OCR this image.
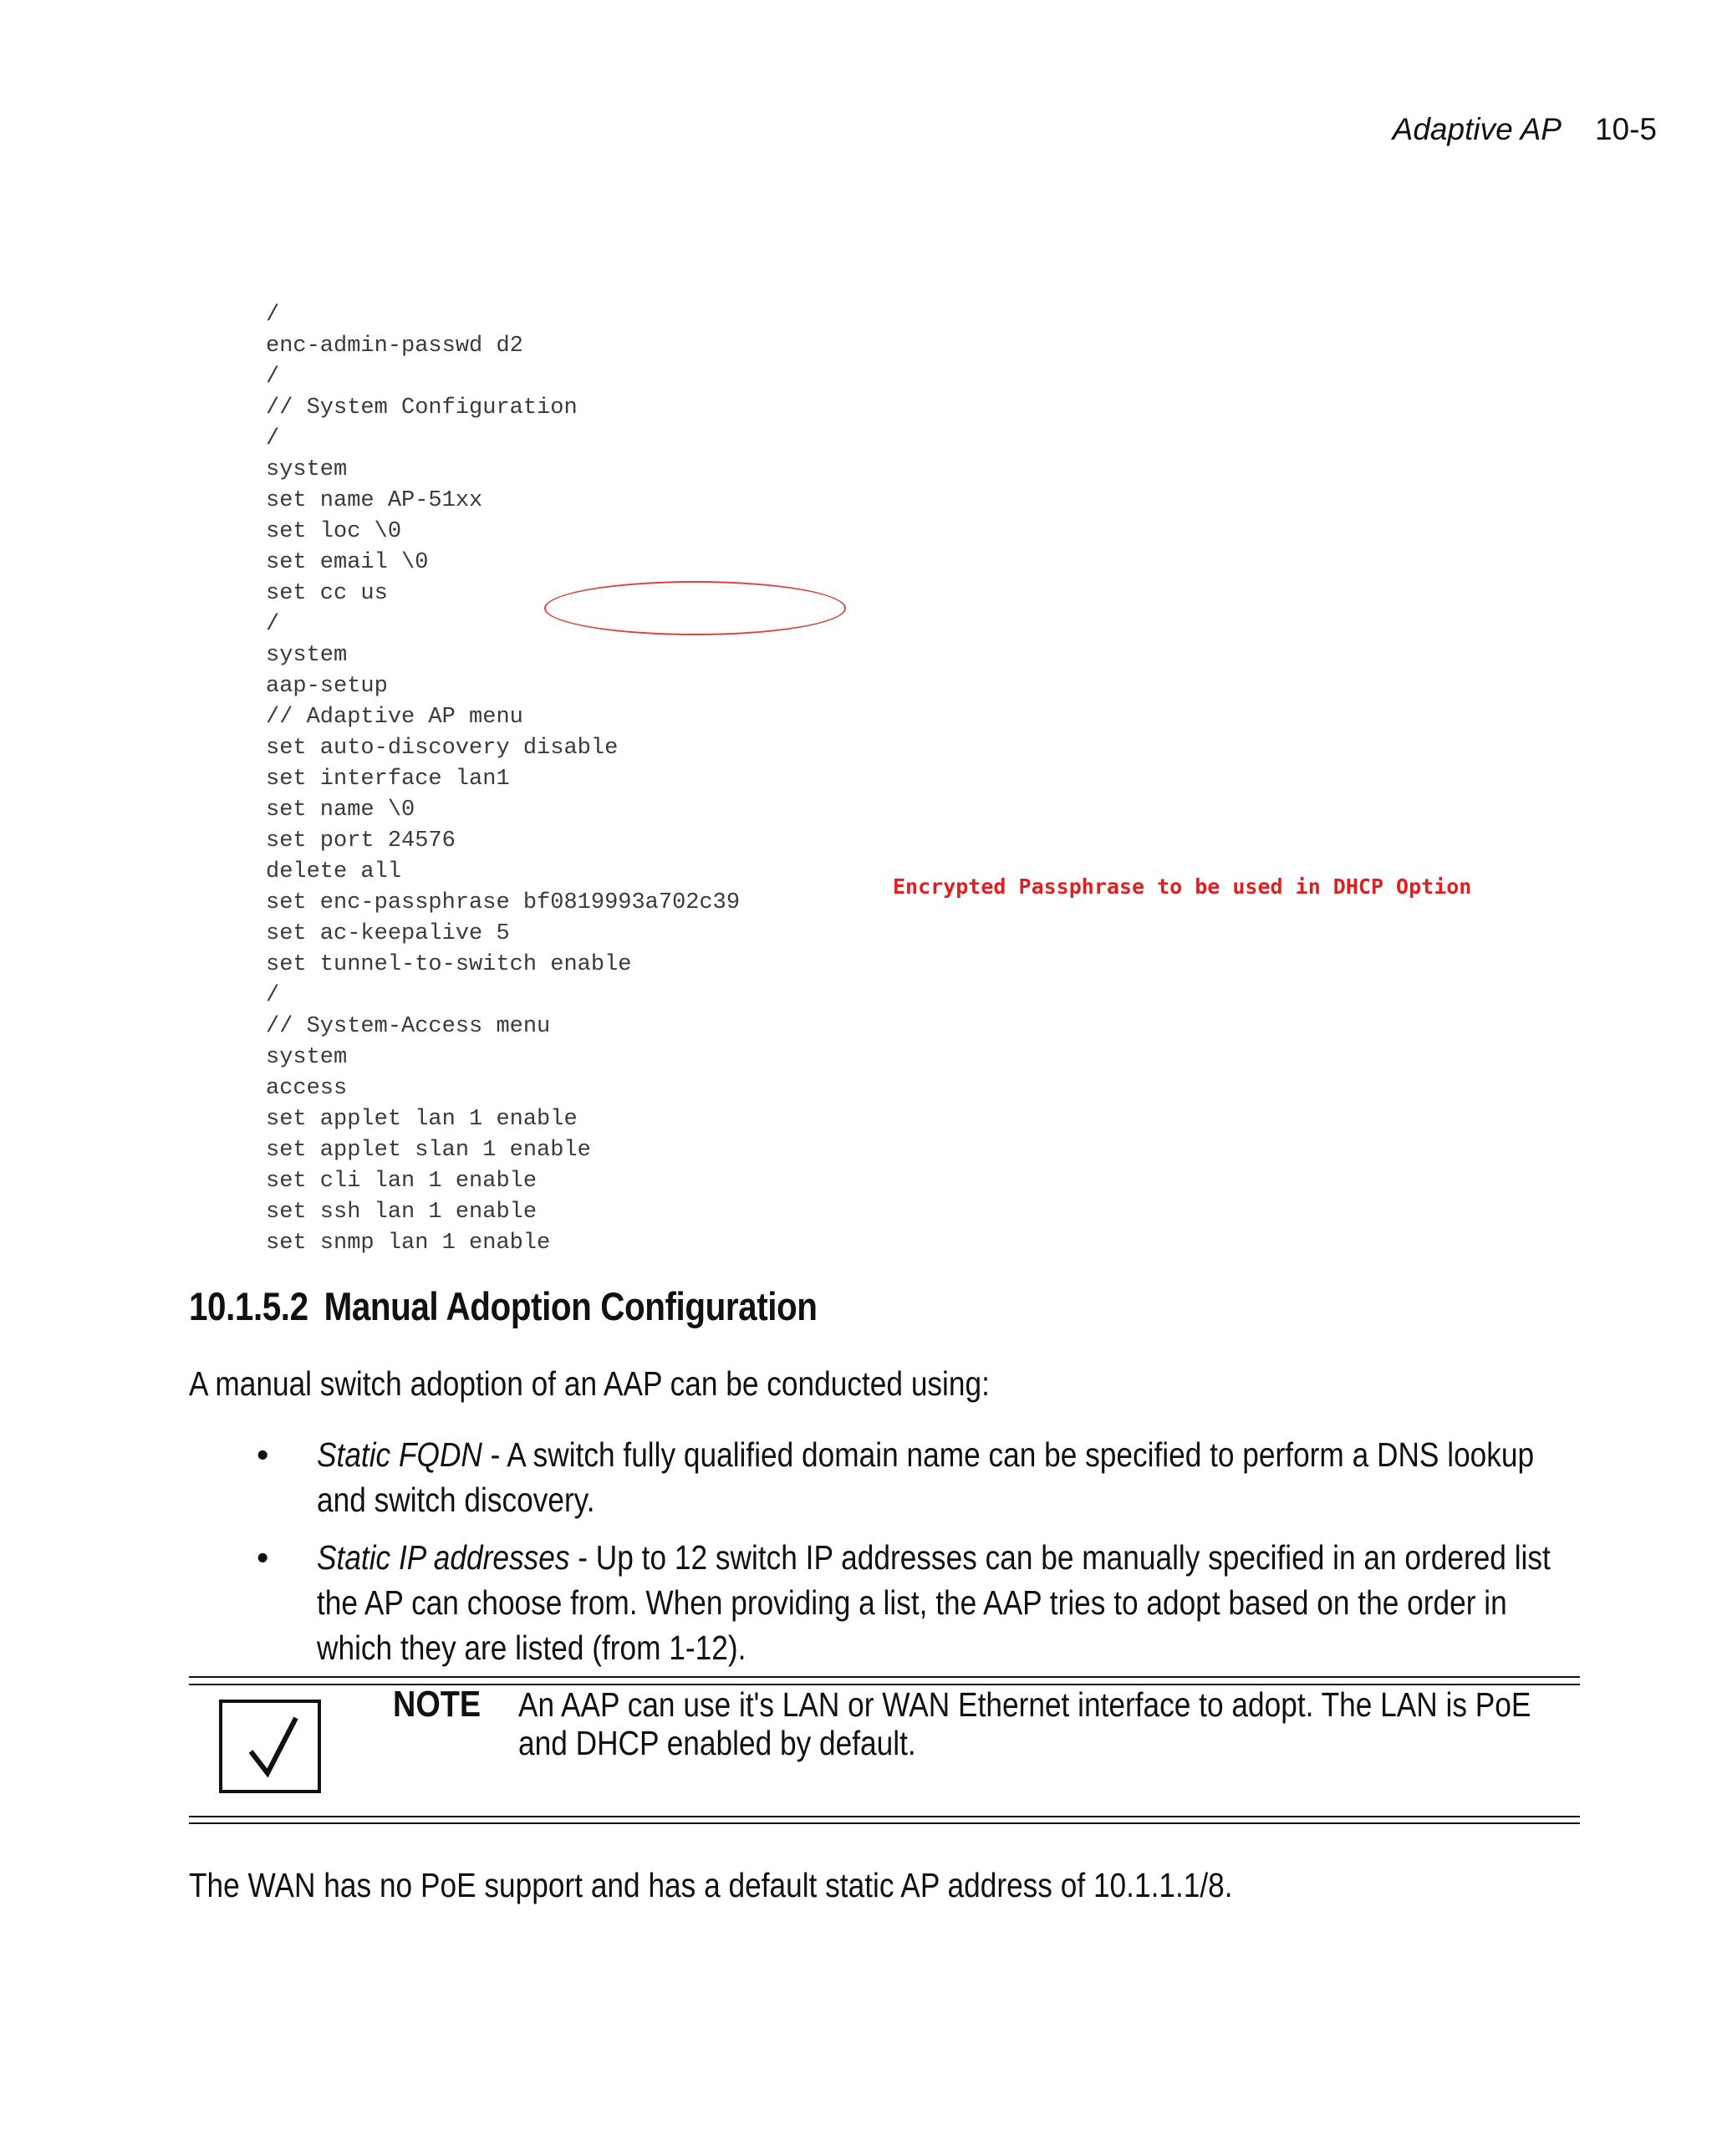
Adaptive AP 10-5
/
enc-admin-passwd d2
/
// System Configuration
/
system
set name AP-51xx
set loc \0
set email \0
set cc us
/
system
aap-setup
// Adaptive AP menu
set auto-discovery disable
set interface lan1
set name \0
set port 24576
delete all
set enc-passphrase bf0819993a702c39
set ac-keepalive 5
set tunnel-to-switch enable
/
// System-Access menu
system
access
set applet lan 1 enable
set applet slan 1 enable
set cli lan 1 enable
set ssh lan 1 enable
set snmp lan 1 enable
Encrypted Passphrase to be used in DHCP Option
10.1.5.2 Manual Adoption Configuration

A manual switch adoption of an AAP can be conducted using:

• Static FQDN - A switch fully qualified domain name can be specified to perform a DNS lookup and switch discovery.

• Static IP addresses - Up to 12 switch IP addresses can be manually specified in an ordered list the AP can choose from. When providing a list, the AAP tries to adopt based on the order in which they are listed (from 1-12).

NOTE An AAP can use it's LAN or WAN Ethernet interface to adopt. The LAN is PoE and DHCP enabled by default.

The WAN has no PoE support and has a default static AP address of 10.1.1.1/8.
